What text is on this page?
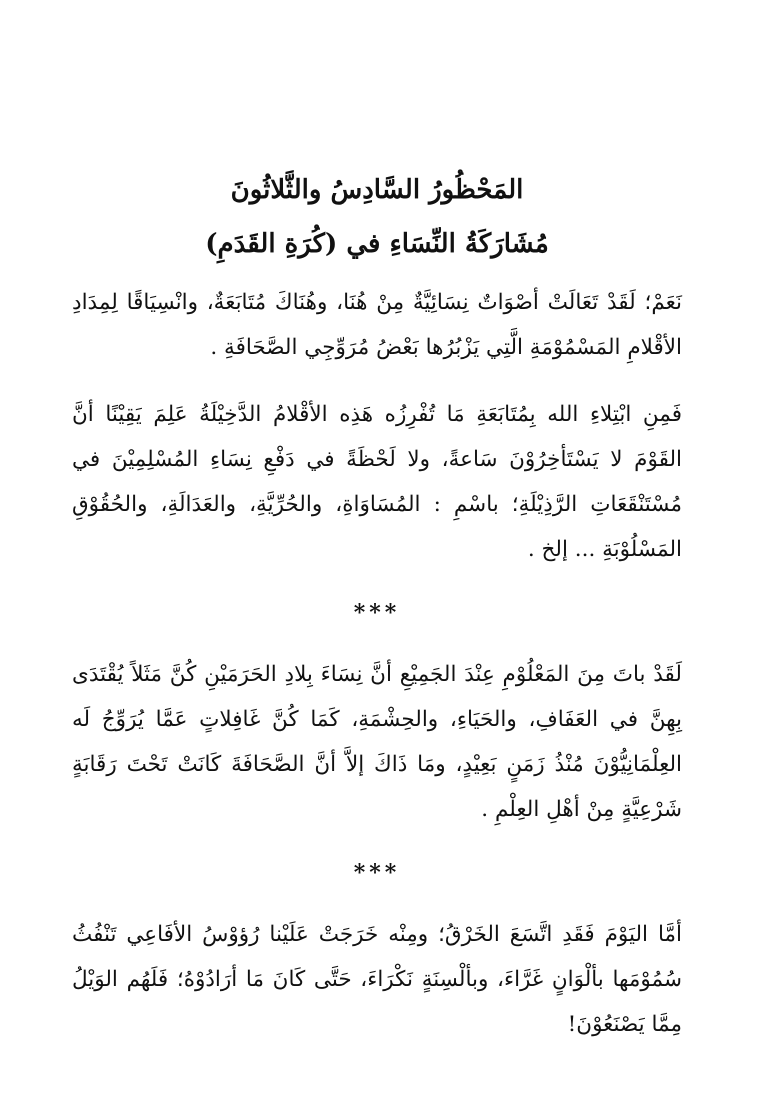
المَحْظُورُ السَّادِسُ والثَّلاثُونَ
مُشَارَكَةُ النِّسَاءِ في (كُرَةِ القَدَمِ)

نَعَمْ؛ لَقَدْ تَعَالَتْ أصْوَاتٌ نِسَائِيَّةٌ مِنْ هُنَا، وهُنَاكَ مُتَابَعَةٌ، وانْسِيَاقًا لِمِدَادِ الأقْلامِ المَسْمُوْمَةِ الَّتِي يَزْبُرُها بَعْضُ مُرَوِّجِي الصَّحَافَةِ .

فَمِنِ ابْتِلاءِ الله بِمُتَابَعَةِ مَا تُفْرِزُه هَذِه الأقْلامُ الدَّخِيْلَةُ عَلِمَ يَقِيْنًا أنَّ القَوْمَ لا يَسْتَأخِرُوْنَ سَاعةً، ولا لَحْظَةً في دَفْعِ نِسَاءِ المُسْلِمِيْنَ في مُسْتَنْقَعَاتِ الرَّذِيْلَةِ؛ باسْمِ : المُسَاوَاةِ، والحُرِّيَّةِ، والعَدَالَةِ، والحُقُوْقِ المَسْلُوْبَةِ ... إلخ .

***

لَقَدْ باتَ مِنَ المَعْلُوْمِ عِنْدَ الجَمِيْعِ أنَّ نِسَاءَ بِلادِ الحَرَمَيْنِ كُنَّ مَثَلاً يُقْتَدَى بِهِنَّ في العَفَافِ، والحَيَاءِ، والحِشْمَةِ، كَمَا كُنَّ غَافِلاتٍ عَمَّا يُرَوِّجُ لَه العِلْمَانِيُّوْنَ مُنْذُ زَمَنٍ بَعِيْدٍ، ومَا ذَاكَ إلاَّ أنَّ الصَّحَافَةَ كَانَتْ تَحْتَ رَقَابَةٍ شَرْعِيَّةٍ مِنْ أهْلِ العِلْمِ .

***

أمَّا اليَوْمَ فَقَدِ اتَّسَعَ الخَرْقُ؛ ومِنْه خَرَجَتْ عَلَيْنا رُؤوْسُ الأفَاعِي تَنْفُثُ سُمُوْمَها بألْوَانٍ غَرَّاءَ، وبألْسِنَةٍ نَكْرَاءَ، حَتَّى كَانَ مَا أرَادُوْهُ؛ فَلَهُم الوَيْلُ مِمَّا يَصْنَعُوْنَ!
